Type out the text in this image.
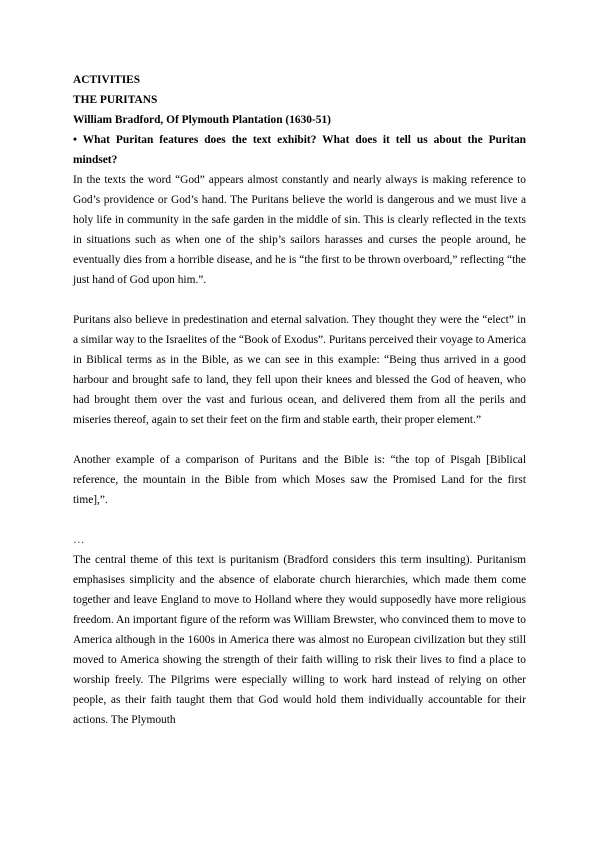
ACTIVITIES
THE PURITANS
William Bradford, Of Plymouth Plantation (1630-51)
• What Puritan features does the text exhibit? What does it tell us about the Puritan mindset?

In the texts the word “God” appears almost constantly and nearly always is making reference to God’s providence or God’s hand. The Puritans believe the world is dangerous and we must live a holy life in community in the safe garden in the middle of sin. This is clearly reflected in the texts in situations such as when one of the ship’s sailors harasses and curses the people around, he eventually dies from a horrible disease, and he is “the first to be thrown overboard,” reflecting “the just hand of God upon him.”.

Puritans also believe in predestination and eternal salvation. They thought they were the “elect” in a similar way to the Israelites of the “Book of Exodus”. Puritans perceived their voyage to America in Biblical terms as in the Bible, as we can see in this example: “Being thus arrived in a good harbour and brought safe to land, they fell upon their knees and blessed the God of heaven, who had brought them over the vast and furious ocean, and delivered them from all the perils and miseries thereof, again to set their feet on the firm and stable earth, their proper element.”

Another example of a comparison of Puritans and the Bible is: “the top of Pisgah [Biblical reference, the mountain in the Bible from which Moses saw the Promised Land for the first time],”.

…

The central theme of this text is puritanism (Bradford considers this term insulting). Puritanism emphasises simplicity and the absence of elaborate church hierarchies, which made them come together and leave England to move to Holland where they would supposedly have more religious freedom. An important figure of the reform was William Brewster, who convinced them to move to America although in the 1600s in America there was almost no European civilization but they still moved to America showing the strength of their faith willing to risk their lives to find a place to worship freely. The Pilgrims were especially willing to work hard instead of relying on other people, as their faith taught them that God would hold them individually accountable for their actions. The Plymouth
